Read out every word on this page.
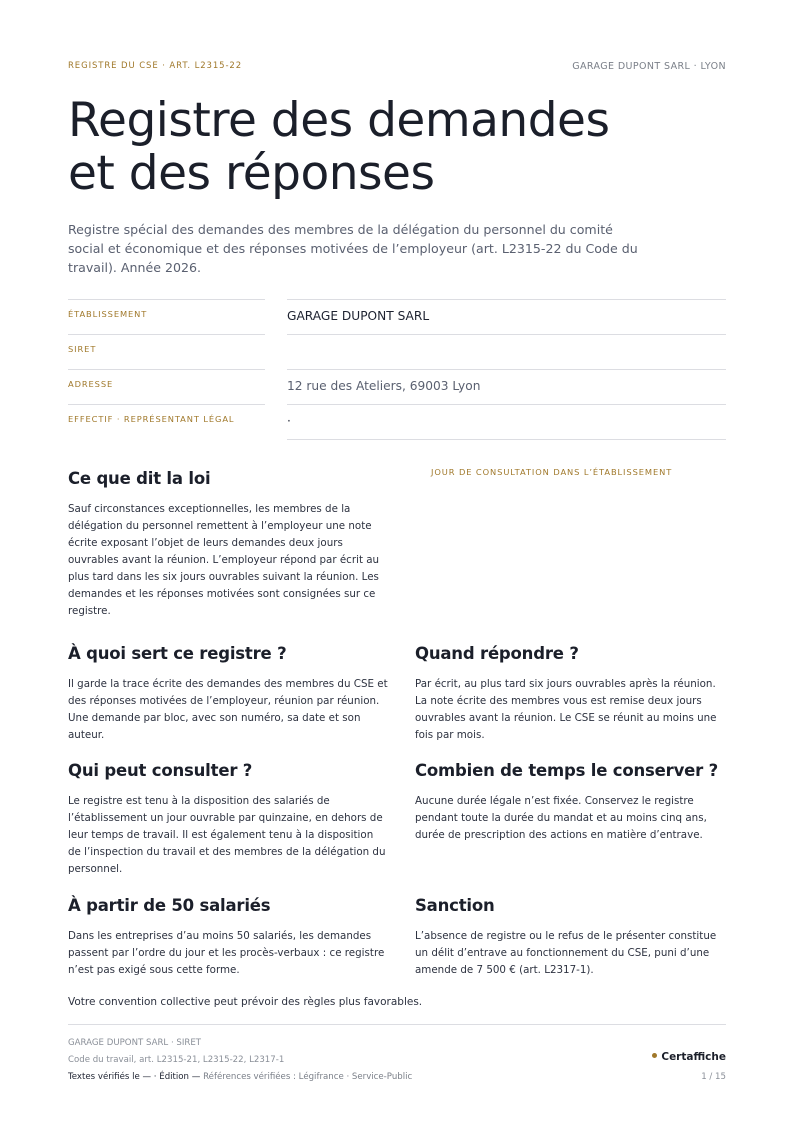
REGISTRE DU CSE · ART. L2315-22	GARAGE DUPONT SARL · LYON
Registre des demandes
et des réponses

Registre spécial des demandes des membres de la délégation du personnel du comité social et économique et des réponses motivées de l’employeur (art. L2315-22 du Code du travail). Année 2026.

ÉTABLISSEMENT	GARAGE DUPONT SARL
SIRET
ADRESSE	12 rue des Ateliers, 69003 Lyon
EFFECTIF · REPRÉSENTANT LÉGAL	·
JOUR DE CONSULTATION DANS L’ÉTABLISSEMENT
Ce que dit la loi

Sauf circonstances exceptionnelles, les membres de la délégation du personnel remettent à l’employeur une note écrite exposant l’objet de leurs demandes deux jours ouvrables avant la réunion. L’employeur répond par écrit au plus tard dans les six jours ouvrables suivant la réunion. Les demandes et les réponses motivées sont consignées sur ce registre.

À quoi sert ce registre ?

Il garde la trace écrite des demandes des membres du CSE et des réponses motivées de l’employeur, réunion par réunion. Une demande par bloc, avec son numéro, sa date et son auteur.

Quand répondre ?

Par écrit, au plus tard six jours ouvrables après la réunion. La note écrite des membres vous est remise deux jours ouvrables avant la réunion. Le CSE se réunit au moins une fois par mois.

Qui peut consulter ?

Le registre est tenu à la disposition des salariés de l’établissement un jour ouvrable par quinzaine, en dehors de leur temps de travail. Il est également tenu à la disposition de l’inspection du travail et des membres de la délégation du personnel.

Combien de temps le conserver ?

Aucune durée légale n’est fixée. Conservez le registre pendant toute la durée du mandat et au moins cinq ans, durée de prescription des actions en matière d’entrave.

À partir de 50 salariés

Dans les entreprises d’au moins 50 salariés, les demandes passent par l’ordre du jour et les procès-verbaux : ce registre n’est pas exigé sous cette forme.

Sanction

L’absence de registre ou le refus de le présenter constitue un délit d’entrave au fonctionnement du CSE, puni d’une amende de 7 500 € (art. L2317-1).

Votre convention collective peut prévoir des règles plus favorables.
GARAGE DUPONT SARL · SIRET
Code du travail, art. L2315-21, L2315-22, L2317-1
Textes vérifiés le — · Édition — Références vérifiées : Légifrance · Service-Public
Certaffiche
1 / 15
